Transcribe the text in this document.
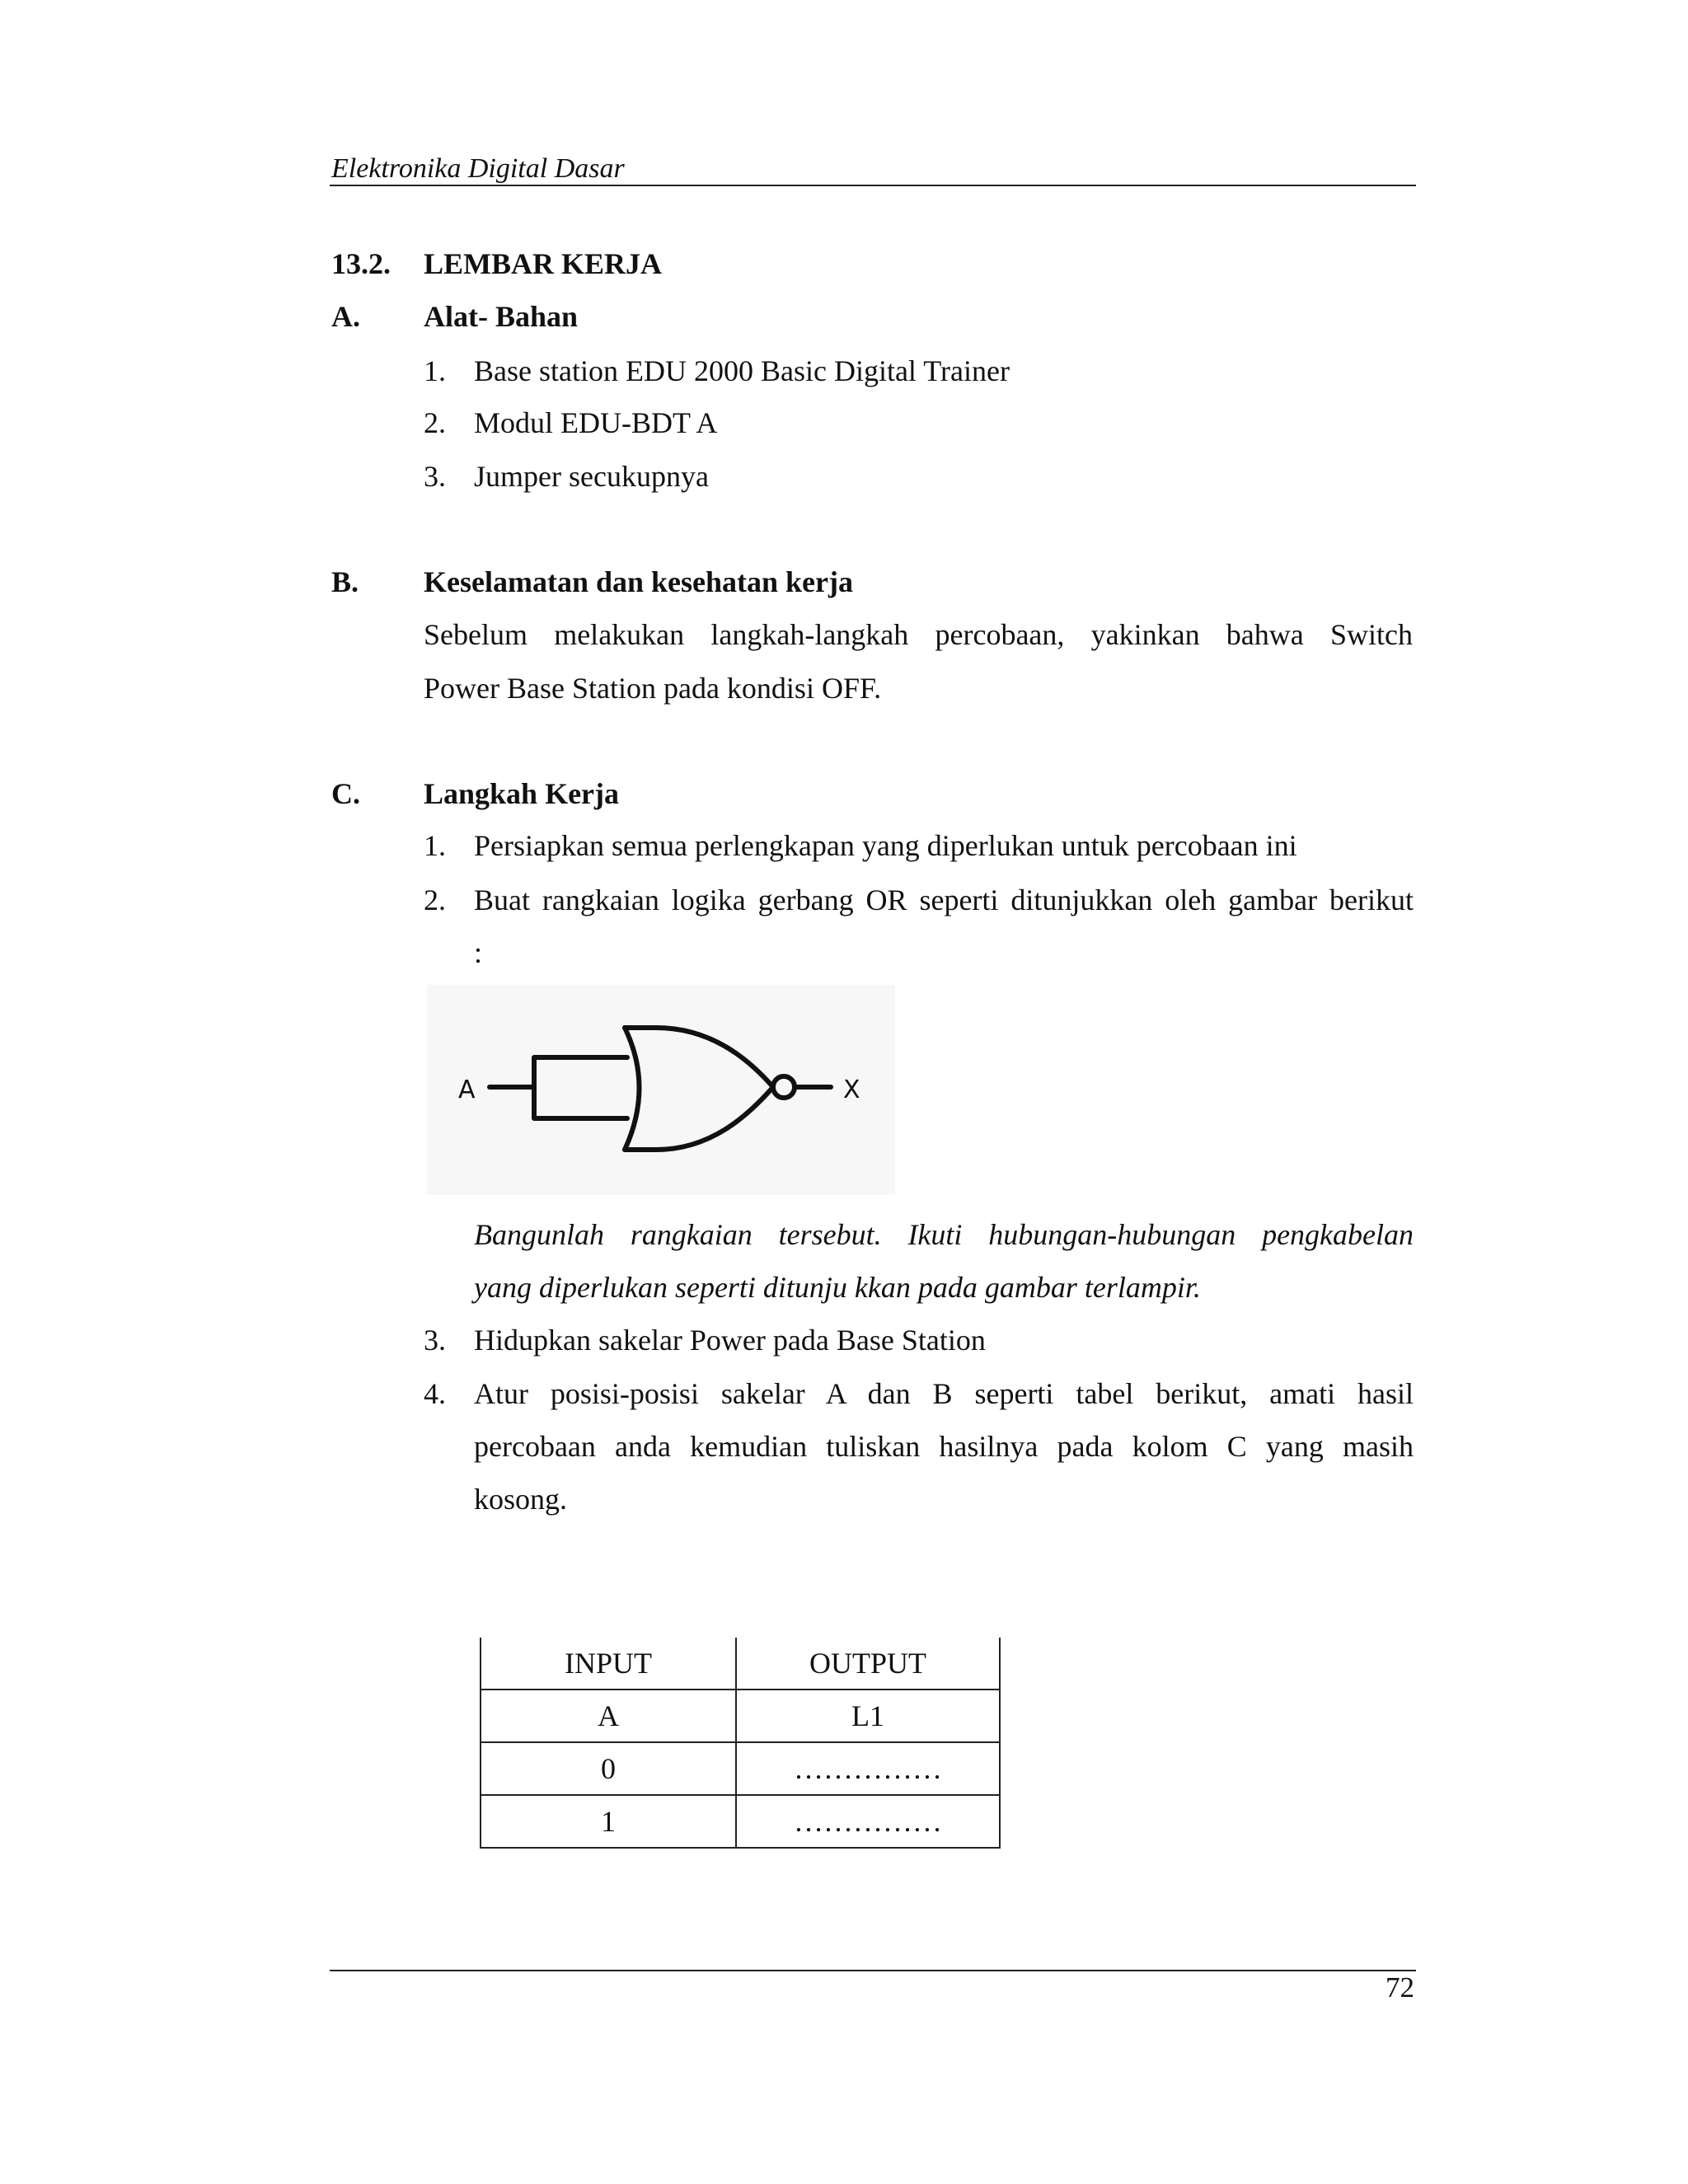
Elektronika Digital Dasar
13.2. LEMBAR KERJA
A. Alat- Bahan
1. Base station EDU 2000 Basic Digital Trainer
2. Modul EDU-BDT A
3. Jumper secukupnya
B. Keselamatan dan kesehatan kerja
Sebelum melakukan langkah-langkah percobaan, yakinkan bahwa Switch
Power Base Station pada kondisi OFF.
C. Langkah Kerja
1. Persiapkan semua perlengkapan yang diperlukan untuk percobaan ini
2. Buat rangkaian logika gerbang OR seperti ditunjukkan oleh gambar berikut
:
A	X
Bangunlah rangkaian tersebut. Ikuti hubungan-hubungan pengkabelan
yang diperlukan seperti ditunju kkan pada gambar terlampir.
3. Hidupkan sakelar Power pada Base Station
4. Atur posisi-posisi sakelar A dan B seperti tabel berikut, amati hasil
percobaan anda kemudian tuliskan hasilnya pada kolom C yang masih
kosong.
INPUT	OUTPUT
A	L1
0	……………
1	……………
72
